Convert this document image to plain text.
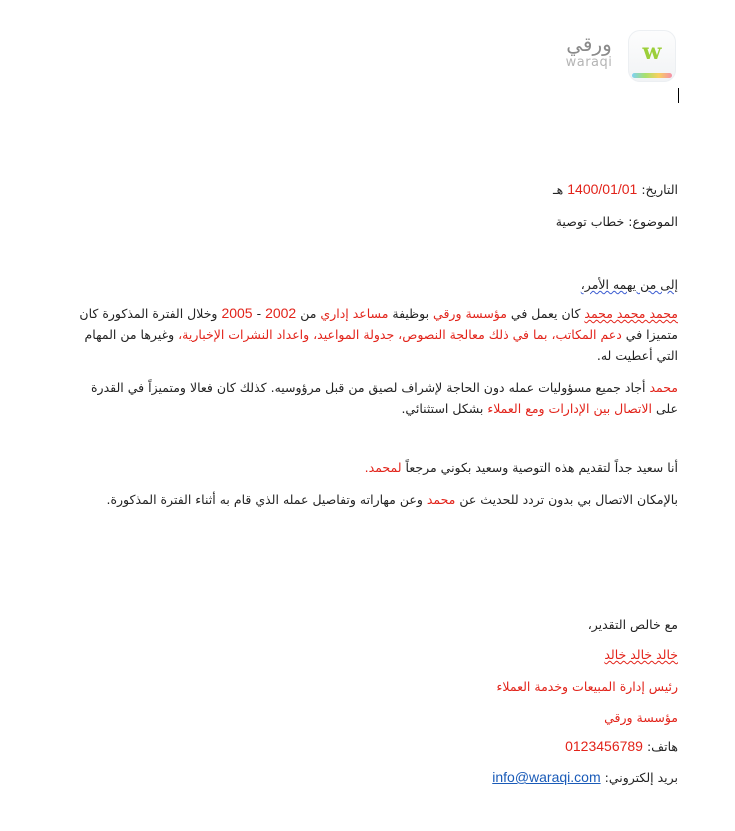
ورقي
waraqi	w
التاريخ: 1400/01/01 هـ
الموضوع: خطاب توصية
إلى من يهمه الأمر،
محمد محمد محمد كان يعمل في مؤسسة ورقي بوظيفة مساعد إداري من 2002 - 2005 وخلال الفترة المذكورة كان متميزا في دعم المكاتب، بما في ذلك معالجة النصوص، جدولة المواعيد، واعداد النشرات الإخبارية، وغيرها من المهام التي أعطيت له.
محمد أجاد جميع مسؤوليات عمله دون الحاجة لإشراف لصيق من قبل مرؤوسيه. كذلك كان فعالا ومتميزاً في القدرة على الاتصال بين الإدارات ومع العملاء بشكل استثنائي.
أنا سعيد جداً لتقديم هذه التوصية وسعيد بكوني مرجعاً لمحمد.
بالإمكان الاتصال بي بدون تردد للحديث عن محمد وعن مهاراته وتفاصيل عمله الذي قام به أثناء الفترة المذكورة.
مع خالص التقدير،
خالد خالد خالد
رئيس إدارة المبيعات وخدمة العملاء
مؤسسة ورقي
هاتف: 0123456789
بريد إلكتروني: info@waraqi.com
